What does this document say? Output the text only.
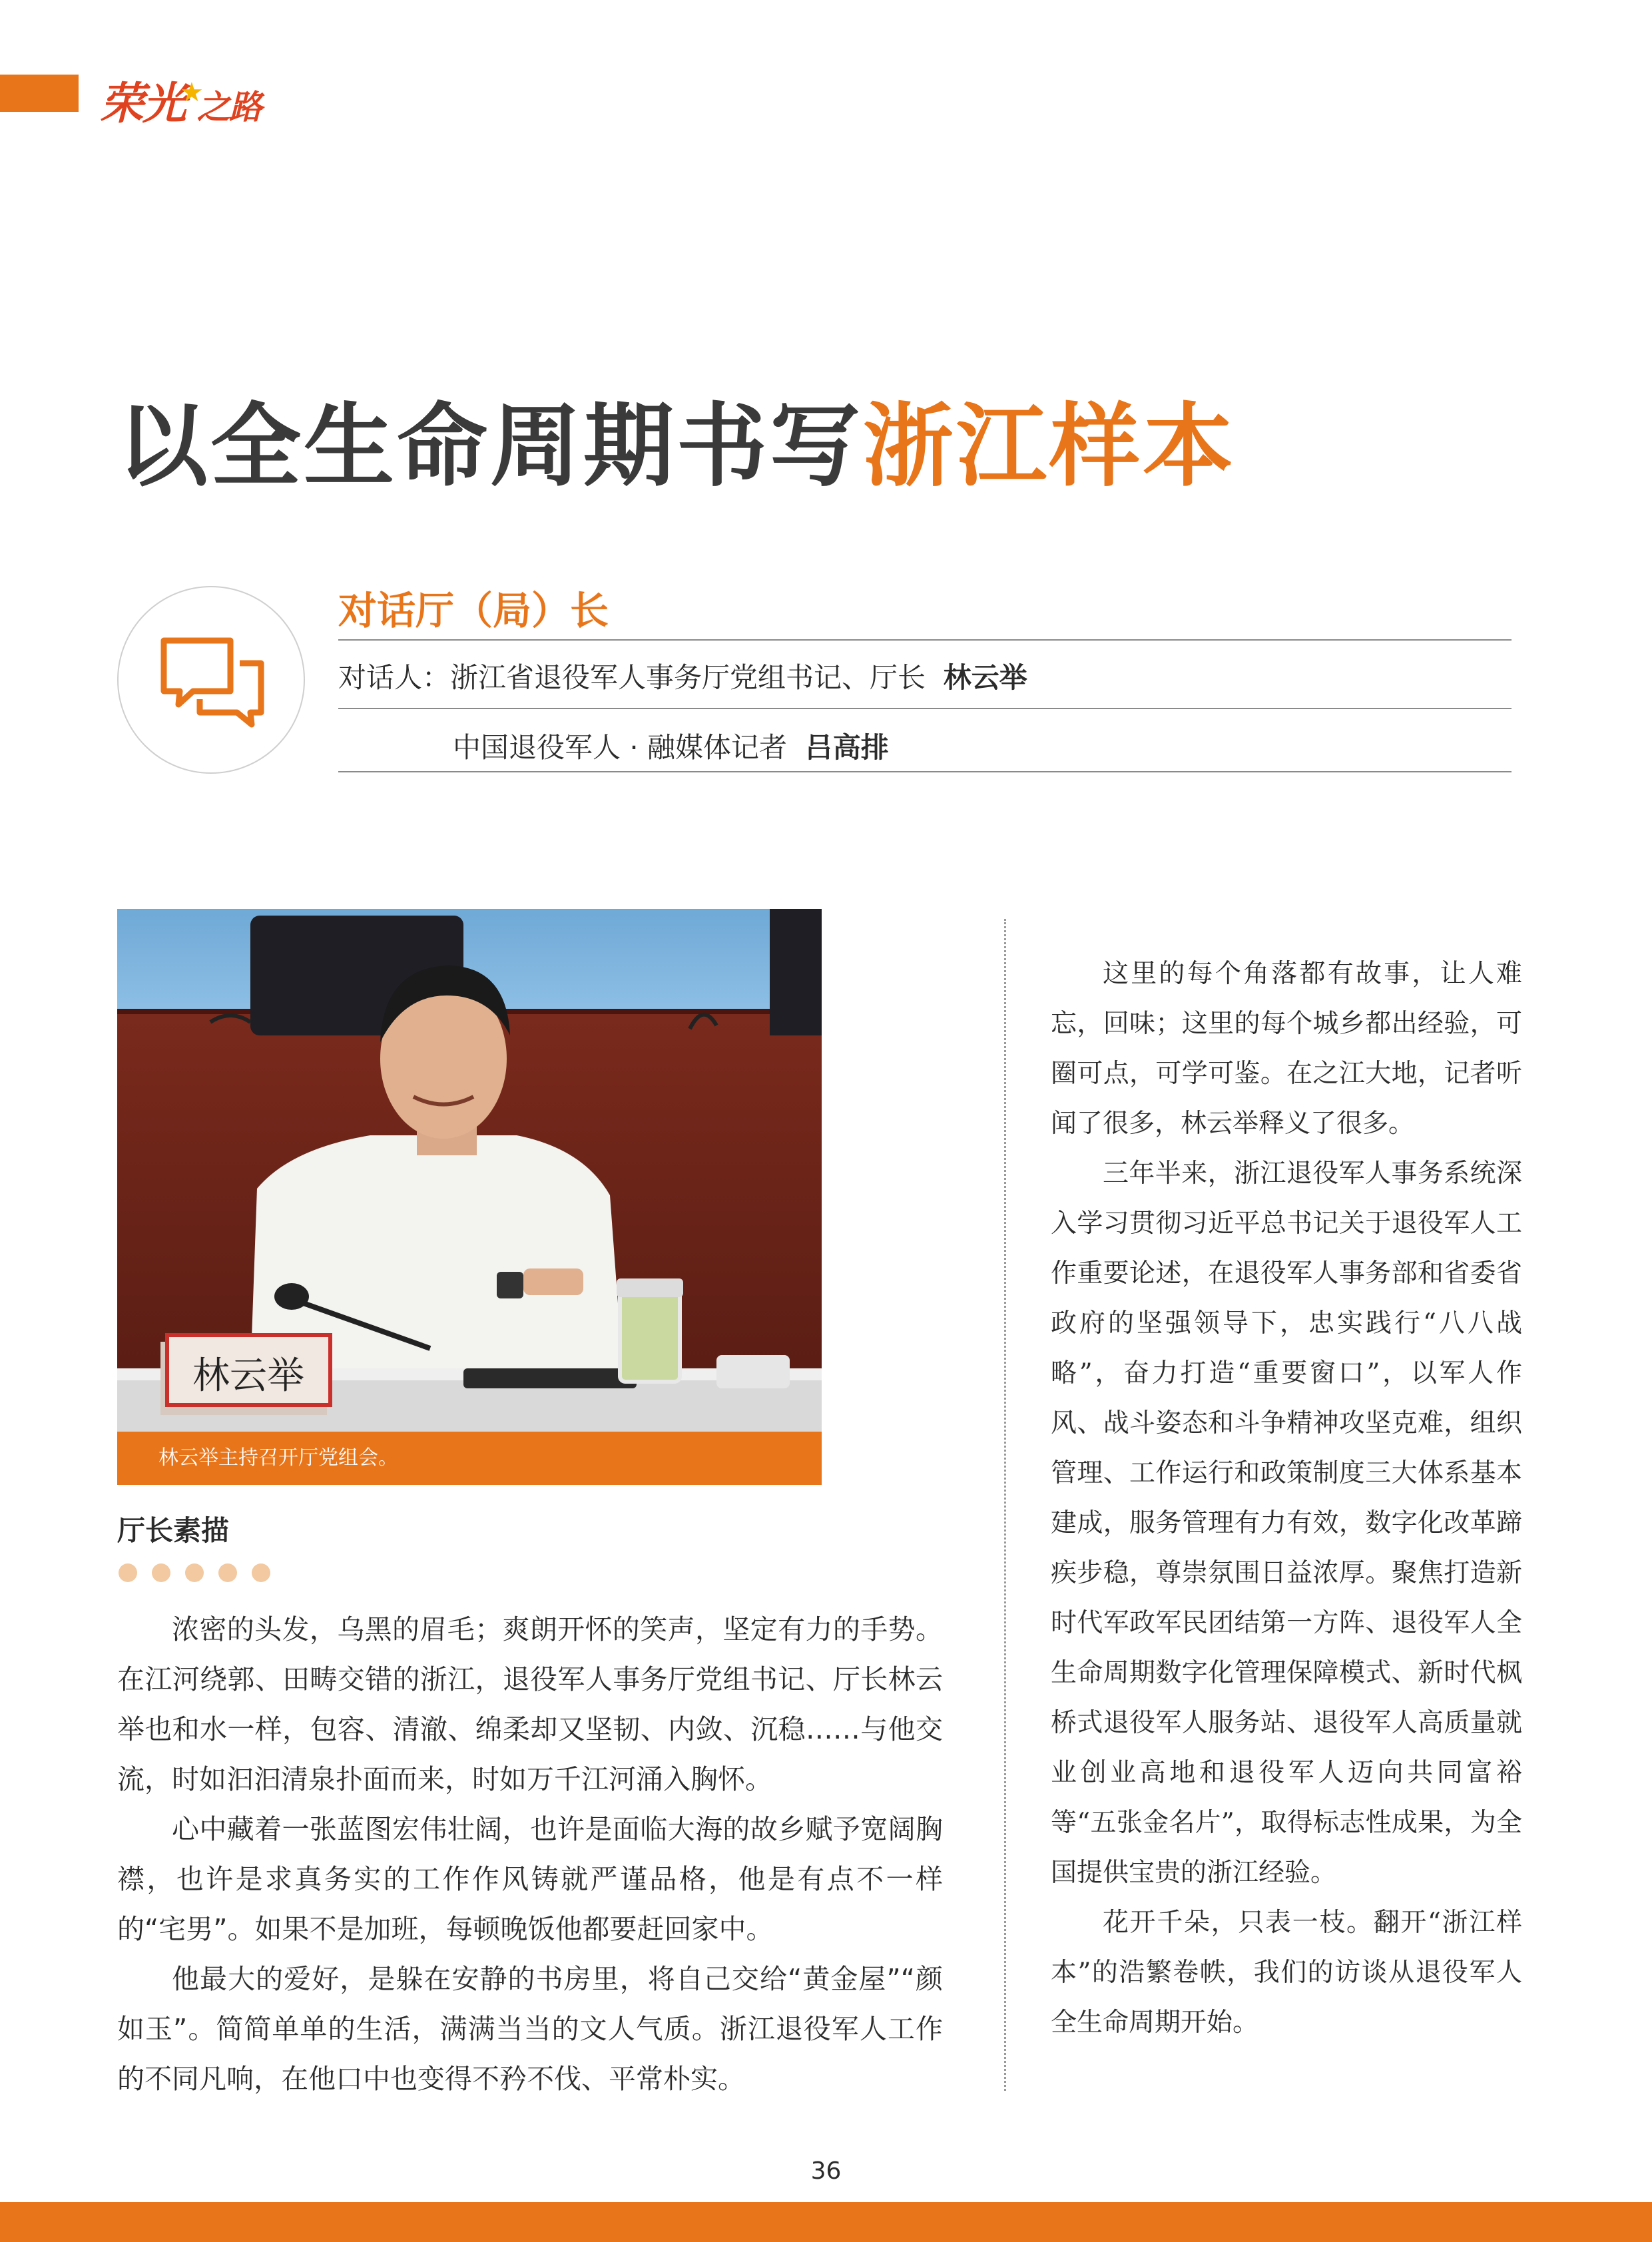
荣光★之路
以全生命周期书写浙江样本
对话厅（局）长
对话人：浙江省退役军人事务厅党组书记、厅长 林云举
中国退役军人 · 融媒体记者 吕高排
林云举
林云举主持召开厅党组会。
厅长素描

浓密的头发，乌黑的眉毛；爽朗开怀的笑声，坚定有力的手势。在江河绕郭、田畴交错的浙江，退役军人事务厅党组书记、厅长林云举也和水一样，包容、清澈、绵柔却又坚韧、内敛、沉稳……与他交流，时如汩汩清泉扑面而来，时如万千江河涌入胸怀。

心中藏着一张蓝图宏伟壮阔，也许是面临大海的故乡赋予宽阔胸襟，也许是求真务实的工作作风铸就严谨品格，他是有点不一样的“宅男”。如果不是加班，每顿晚饭他都要赶回家中。

他最大的爱好，是躲在安静的书房里，将自己交给“黄金屋”“颜如玉”。简简单单的生活，满满当当的文人气质。浙江退役军人工作的不同凡响，在他口中也变得不矜不伐、平常朴实。

这里的每个角落都有故事，让人难忘，回味；这里的每个城乡都出经验，可圈可点，可学可鉴。在之江大地，记者听闻了很多，林云举释义了很多。

三年半来，浙江退役军人事务系统深入学习贯彻习近平总书记关于退役军人工作重要论述，在退役军人事务部和省委省政府的坚强领导下，忠实践行“八八战略”，奋力打造“重要窗口”，以军人作风、战斗姿态和斗争精神攻坚克难，组织管理、工作运行和政策制度三大体系基本建成，服务管理有力有效，数字化改革蹄疾步稳，尊崇氛围日益浓厚。聚焦打造新时代军政军民团结第一方阵、退役军人全生命周期数字化管理保障模式、新时代枫桥式退役军人服务站、退役军人高质量就业创业高地和退役军人迈向共同富裕等“五张金名片”，取得标志性成果，为全国提供宝贵的浙江经验。

花开千朵，只表一枝。翻开“浙江样本”的浩繁卷帙，我们的访谈从退役军人全生命周期开始。

36
